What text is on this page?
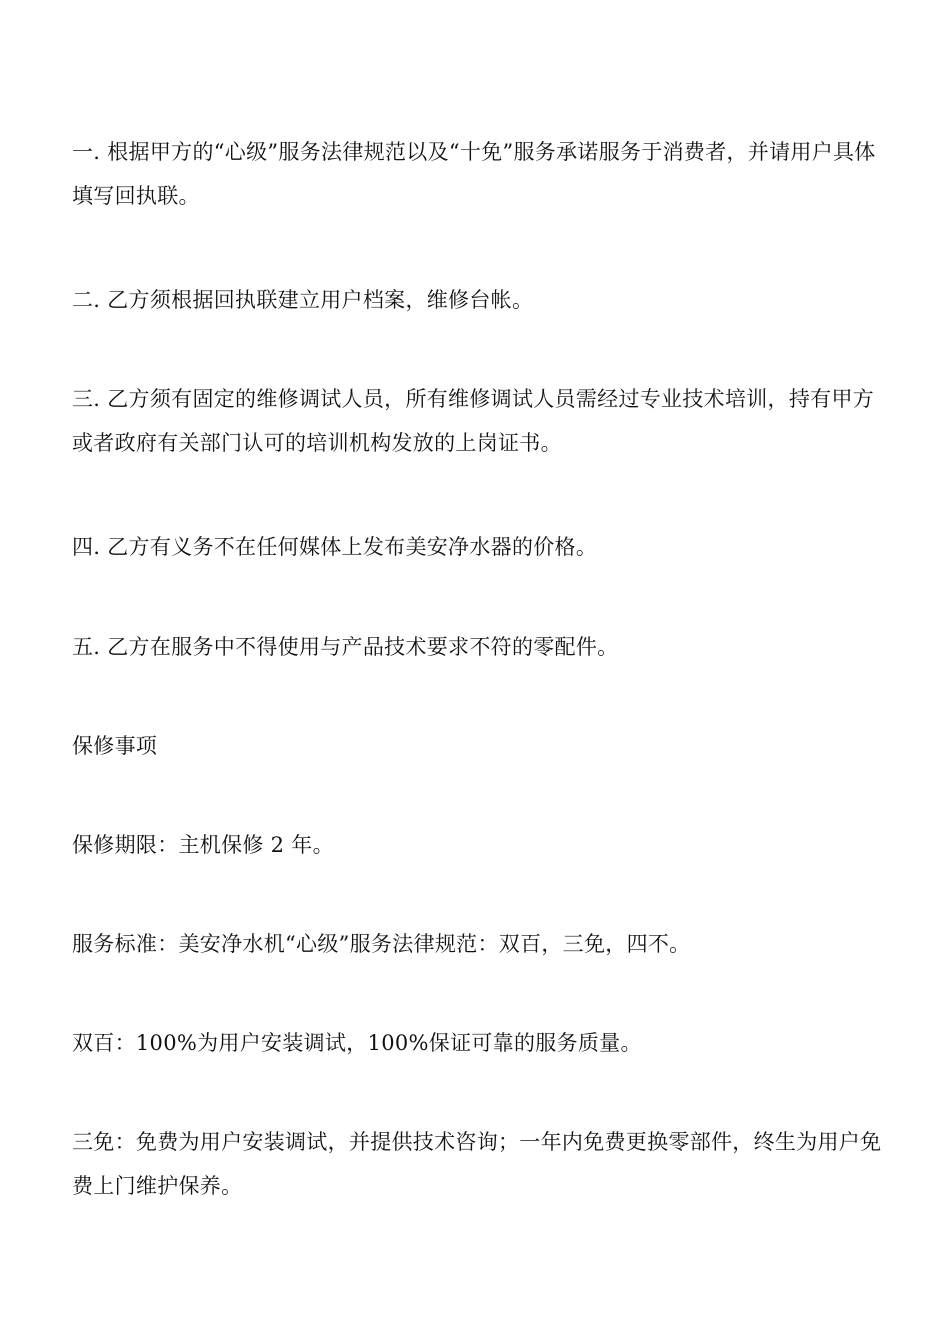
一. 根据甲方的“心级”服务法律规范以及“十免”服务承诺服务于消费者，并请用户具体填写回执联。

二. 乙方须根据回执联建立用户档案，维修台帐。

三. 乙方须有固定的维修调试人员，所有维修调试人员需经过专业技术培训，持有甲方或者政府有关部门认可的培训机构发放的上岗证书。

四. 乙方有义务不在任何媒体上发布美安净水器的价格。

五. 乙方在服务中不得使用与产品技术要求不符的零配件。

保修事项

保修期限：主机保修 2 年。

服务标准：美安净水机“心级”服务法律规范：双百，三免，四不。

双百：100%为用户安装调试，100%保证可靠的服务质量。

三免：免费为用户安装调试，并提供技术咨询；一年内免费更换零部件，终生为用户免费上门维护保养。
